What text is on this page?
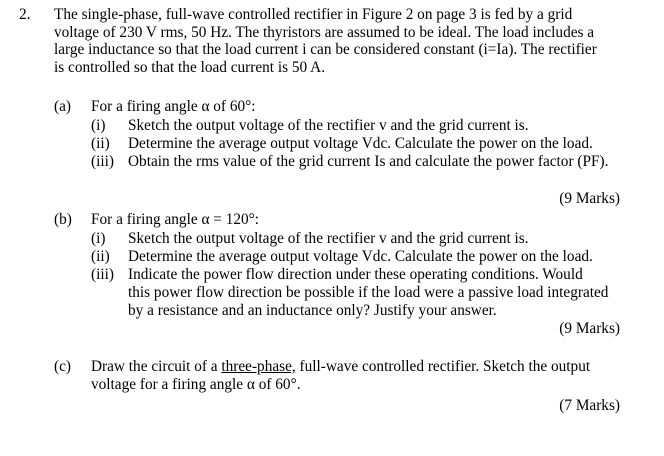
2. The single-phase, full-wave controlled rectifier in Figure 2 on page 3 is fed by a grid
voltage of 230 V rms, 50 Hz. The thyristors are assumed to be ideal. The load includes a
large inductance so that the load current i can be considered constant (i=Ia). The rectifier
is controlled so that the load current is 50 A.
(a) For a firing angle α of 60°:
(i) Sketch the output voltage of the rectifier v and the grid current is.
(ii) Determine the average output voltage Vdc. Calculate the power on the load.
(iii) Obtain the rms value of the grid current Is and calculate the power factor (PF).
(9 Marks)
(b) For a firing angle α = 120°:
(i) Sketch the output voltage of the rectifier v and the grid current is.
(ii) Determine the average output voltage Vdc. Calculate the power on the load.
(iii) Indicate the power flow direction under these operating conditions. Would
this power flow direction be possible if the load were a passive load integrated
by a resistance and an inductance only? Justify your answer.
(9 Marks)
(c) Draw the circuit of a three-phase, full-wave controlled rectifier. Sketch the output
voltage for a firing angle α of 60°.
(7 Marks)
